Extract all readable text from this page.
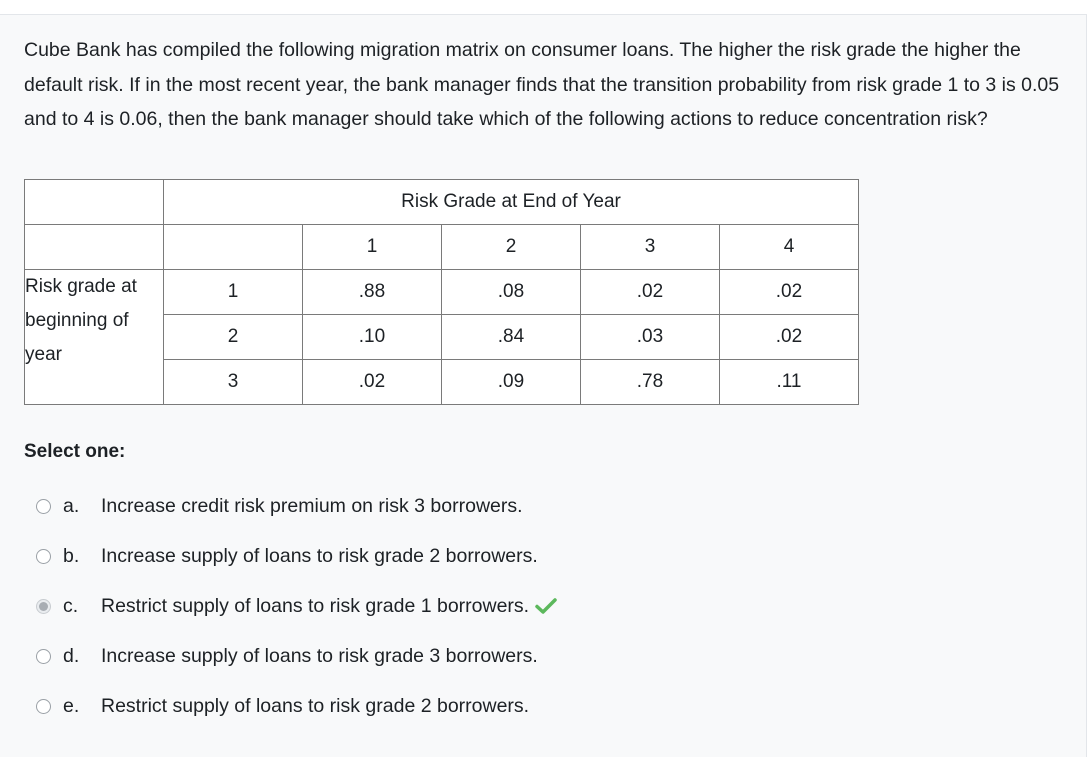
Cube Bank has compiled the following migration matrix on consumer loans. The higher the risk grade the higher the default risk. If in the most recent year, the bank manager finds that the transition probability from risk grade 1 to 3 is 0.05 and to 4 is 0.06, then the bank manager should take which of the following actions to reduce concentration risk?
	Risk Grade at End of Year				
		1	2	3	4
Risk grade at beginning of year	1	.88	.08	.02	.02
	2	.10	.84	.03	.02
	3	.02	.09	.78	.11
Select one:
a.	Increase credit risk premium on risk 3 borrowers.
b.	Increase supply of loans to risk grade 2 borrowers.
c.	Restrict supply of loans to risk grade 1 borrowers.
d.	Increase supply of loans to risk grade 3 borrowers.
e.	Restrict supply of loans to risk grade 2 borrowers.
